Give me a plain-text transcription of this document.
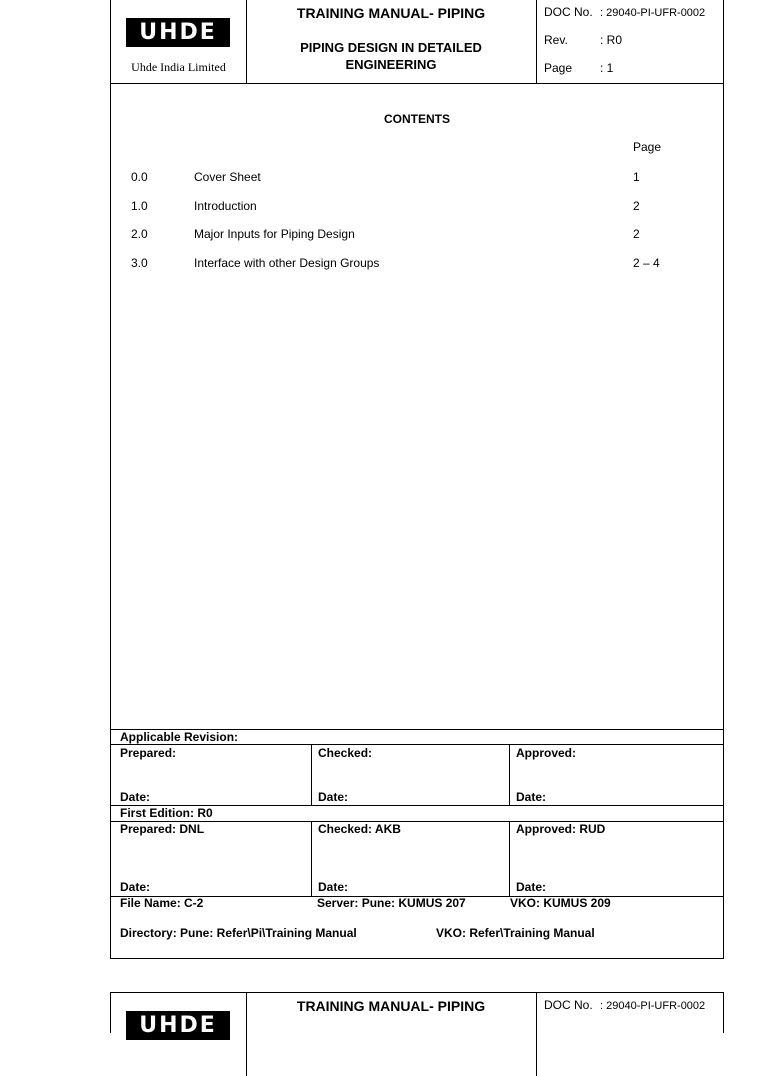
UHDE
Uhde India Limited
TRAINING MANUAL- PIPING
PIPING DESIGN IN DETAILED
ENGINEERING
DOC No. : 29040-PI-UFR-0002
Rev.	: R0
Page : 1
CONTENTS
Page
0.0	Cover Sheet	1
1.0	Introduction	2
2.0	Major Inputs for Piping Design	2
3.0	Interface with other Design Groups	2 – 4
Applicable Revision:
Prepared:	Checked:	Approved:
Date:	Date:	Date:
First Edition: R0
Prepared: DNL	Checked: AKB	Approved: RUD
Date:	Date:	Date:
File Name: C-2	Server: Pune: KUMUS 207	VKO: KUMUS 209
Directory: Pune: Refer\Pi\Training Manual	VKO: Refer\Training Manual
UHDE
TRAINING MANUAL- PIPING	DOC No. : 29040-PI-UFR-0002
